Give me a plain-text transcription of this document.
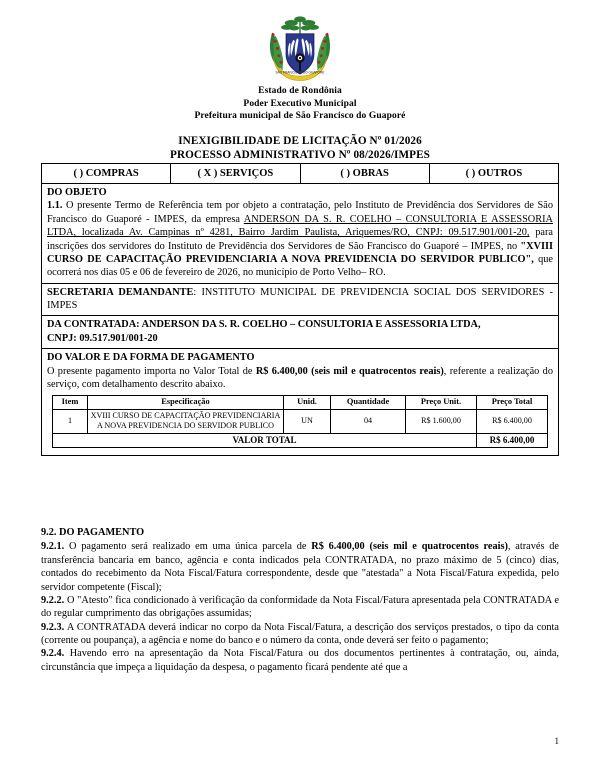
SÃO FRANCISCO DO GUAPORÉ
Estado de Rondônia
Poder Executivo Municipal
Prefeitura municipal de São Francisco do Guaporé
INEXIGIBILIDADE DE LICITAÇÃO Nº 01/2026
PROCESSO ADMINISTRATIVO Nº 08/2026/IMPES
( ) COMPRAS	( X ) SERVIÇOS	( ) OBRAS	( ) OUTROS
DO OBJETO

1.1. O presente Termo de Referência tem por objeto a contratação, pelo Instituto de Previdência dos Servidores de São Francisco do Guaporé - IMPES, da empresa ANDERSON DA S. R. COELHO – CONSULTORIA E ASSESSORIA LTDA, localizada Av. Campinas nº 4281, Bairro Jardim Paulista, Ariquemes/RO, CNPJ: 09.517.901/001-20, para inscrições dos servidores do Instituto de Previdência dos Servidores de São Francisco do Guaporé – IMPES, no "XVIII CURSO DE CAPACITAÇÃO PREVIDENCIARIA A NOVA PREVIDENCIA DO SERVIDOR PUBLICO", que ocorrerá nos dias 05 e 06 de fevereiro de 2026, no município de Porto Velho– RO.

SECRETARIA DEMANDANTE: INSTITUTO MUNICIPAL DE PREVIDENCIA SOCIAL DOS SERVIDORES - IMPES

DA CONTRATADA: ANDERSON DA S. R. COELHO – CONSULTORIA E ASSESSORIA LTDA,
CNPJ: 09.517.901/001-20
DO VALOR E DA FORMA DE PAGAMENTO

O presente pagamento importa no Valor Total de R$ 6.400,00 (seis mil e quatrocentos reais), referente a realização do serviço, com detalhamento descrito abaixo.

Item	Especificação	Unid.	Quantidade	Preço Unit.	Preço Total
1	XVIII CURSO DE CAPACITAÇÃO PREVIDENCIARIA A NOVA PREVIDENCIA DO SERVIDOR PUBLICO	UN	04	R$ 1.600,00	R$ 6.400,00
VALOR TOTAL					R$ 6.400,00
9.2. DO PAGAMENTO

9.2.1. O pagamento será realizado em uma única parcela de R$ 6.400,00 (seis mil e quatrocentos reais), através de transferência bancaria em banco, agência e conta indicados pela CONTRATADA, no prazo máximo de 5 (cinco) dias, contados do recebimento da Nota Fiscal/Fatura correspondente, desde que "atestada" a Nota Fiscal/Fatura expedida, pelo servidor competente (Fiscal);

9.2.2. O "Atesto" fica condicionado à verificação da conformidade da Nota Fiscal/Fatura apresentada pela CONTRATADA e do regular cumprimento das obrigações assumidas;

9.2.3. A CONTRATADA deverá indicar no corpo da Nota Fiscal/Fatura, a descrição dos serviços prestados, o tipo da conta (corrente ou poupança), a agência e nome do banco e o número da conta, onde deverá ser feito o pagamento;

9.2.4. Havendo erro na apresentação da Nota Fiscal/Fatura ou dos documentos pertinentes à contratação, ou, ainda, circunstância que impeça a liquidação da despesa, o pagamento ficará pendente até que a

1
